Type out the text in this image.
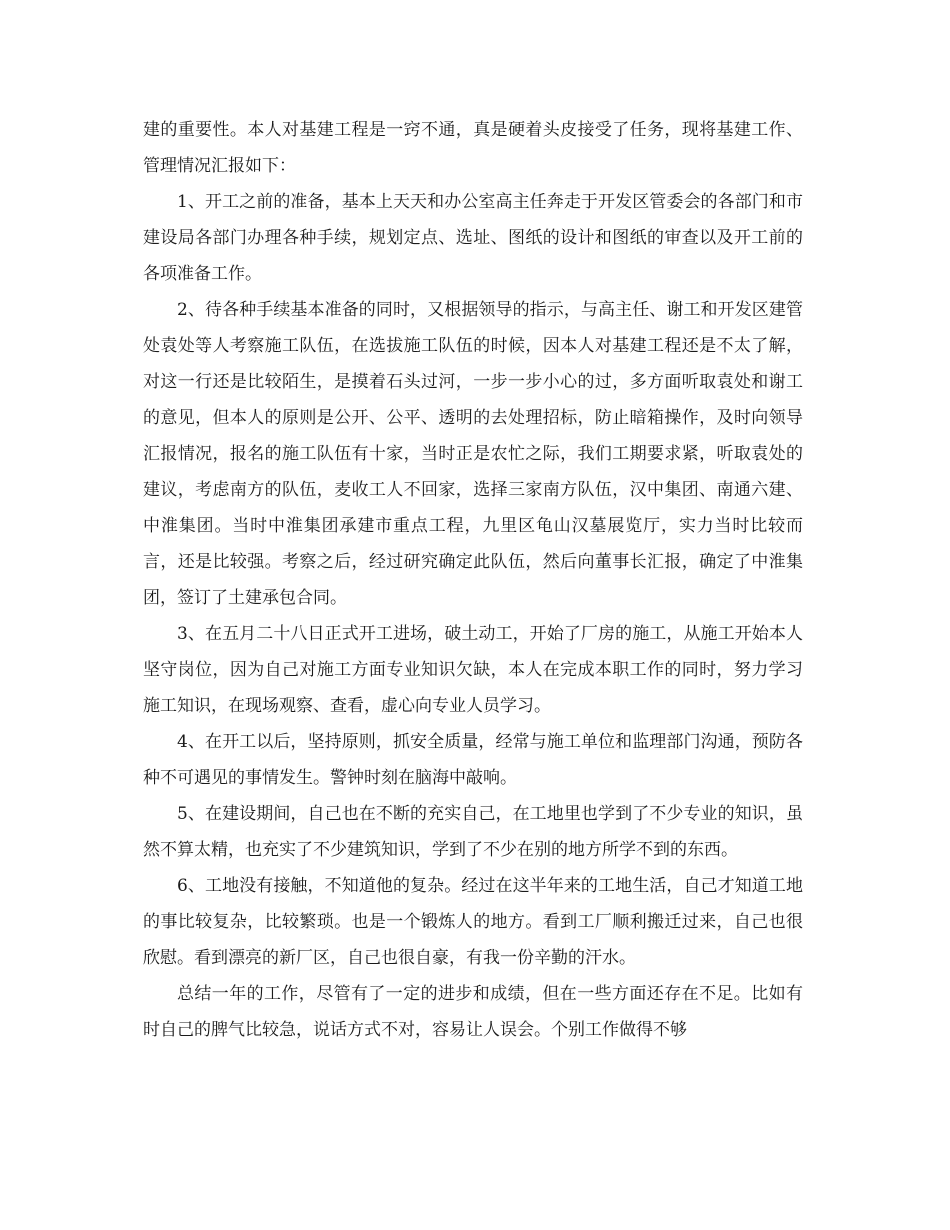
建的重要性。本人对基建工程是一窍不通，真是硬着头皮接受了任务，现将基建工作、管理情况汇报如下：

1、开工之前的准备，基本上天天和办公室高主任奔走于开发区管委会的各部门和市建设局各部门办理各种手续，规划定点、选址、图纸的设计和图纸的审查以及开工前的各项准备工作。

2、待各种手续基本准备的同时，又根据领导的指示，与高主任、谢工和开发区建管处袁处等人考察施工队伍，在选拔施工队伍的时候，因本人对基建工程还是不太了解，对这一行还是比较陌生，是摸着石头过河，一步一步小心的过，多方面听取袁处和谢工的意见，但本人的原则是公开、公平、透明的去处理招标，防止暗箱操作，及时向领导汇报情况，报名的施工队伍有十家，当时正是农忙之际，我们工期要求紧，听取袁处的建议，考虑南方的队伍，麦收工人不回家，选择三家南方队伍，汉中集团、南通六建、中淮集团。当时中淮集团承建市重点工程，九里区龟山汉墓展览厅，实力当时比较而言，还是比较强。考察之后，经过研究确定此队伍，然后向董事长汇报，确定了中淮集团，签订了土建承包合同。

3、在五月二十八日正式开工进场，破土动工，开始了厂房的施工，从施工开始本人坚守岗位，因为自己对施工方面专业知识欠缺，本人在完成本职工作的同时，努力学习施工知识，在现场观察、查看，虚心向专业人员学习。

4、在开工以后，坚持原则，抓安全质量，经常与施工单位和监理部门沟通，预防各种不可遇见的事情发生。警钟时刻在脑海中敲响。

5、在建设期间，自己也在不断的充实自己，在工地里也学到了不少专业的知识，虽然不算太精，也充实了不少建筑知识，学到了不少在别的地方所学不到的东西。

6、工地没有接触，不知道他的复杂。经过在这半年来的工地生活，自己才知道工地的事比较复杂，比较繁琐。也是一个锻炼人的地方。看到工厂顺利搬迁过来，自己也很欣慰。看到漂亮的新厂区，自己也很自豪，有我一份辛勤的汗水。

总结一年的工作，尽管有了一定的进步和成绩，但在一些方面还存在不足。比如有时自己的脾气比较急，说话方式不对，容易让人误会。个别工作做得不够
